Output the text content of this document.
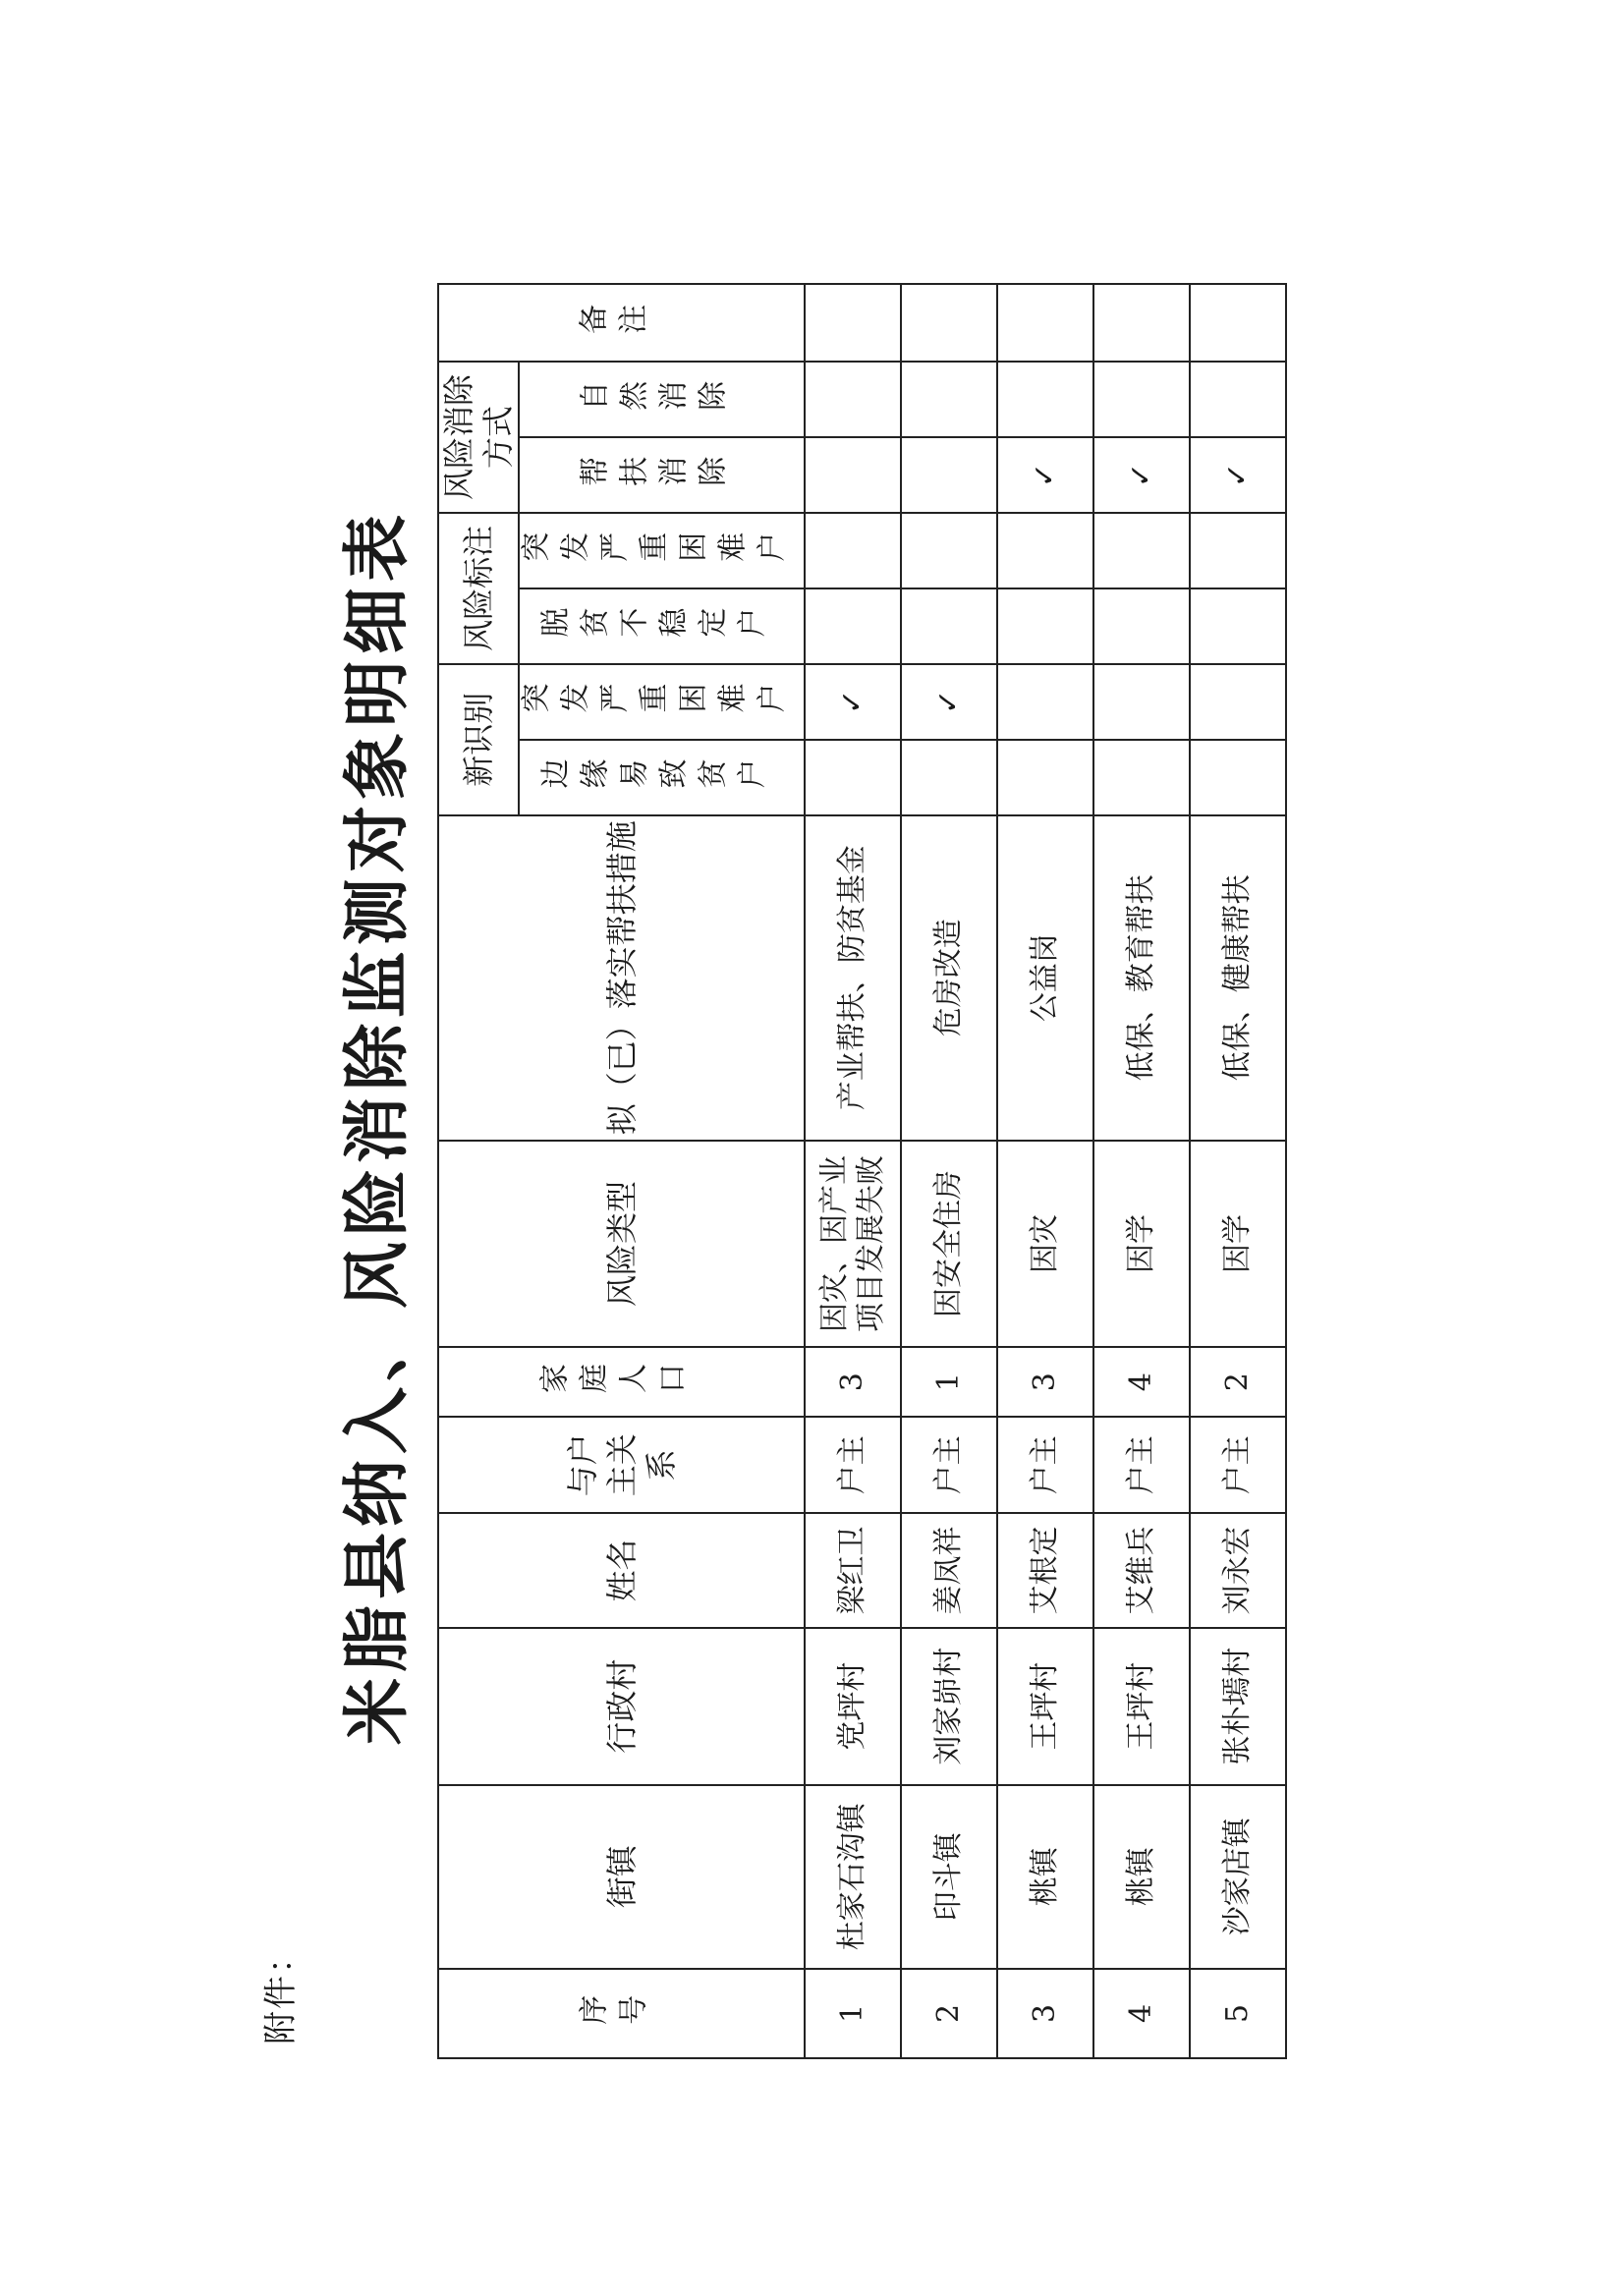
附件：
米脂县纳入、风险消除监测对象明细表
序号	街镇	行政村	姓名	与户主关系	家庭人口	风险类型	拟（已）落实帮扶措施	新识别		风险标注		风险消除方式		备注
								边缘易致贫户	突发严重困难户	脱贫不稳定户	突发严重困难户	帮扶消除	自然消除	
1	杜家石沟镇	党坪村	梁红卫	户主	3	因灾、因产业项目发展失败	产业帮扶、防贫基金		✓					
2	印斗镇	刘家峁村	姜凤祥	户主	1	因安全住房	危房改造		✓					
3	桃镇	王坪村	艾根定	户主	3	因灾	公益岗					✓		
4	桃镇	王坪村	艾维兵	户主	4	因学	低保、教育帮扶					✓		
5	沙家店镇	张朴墕村	刘永宏	户主	2	因学	低保、健康帮扶					✓		
